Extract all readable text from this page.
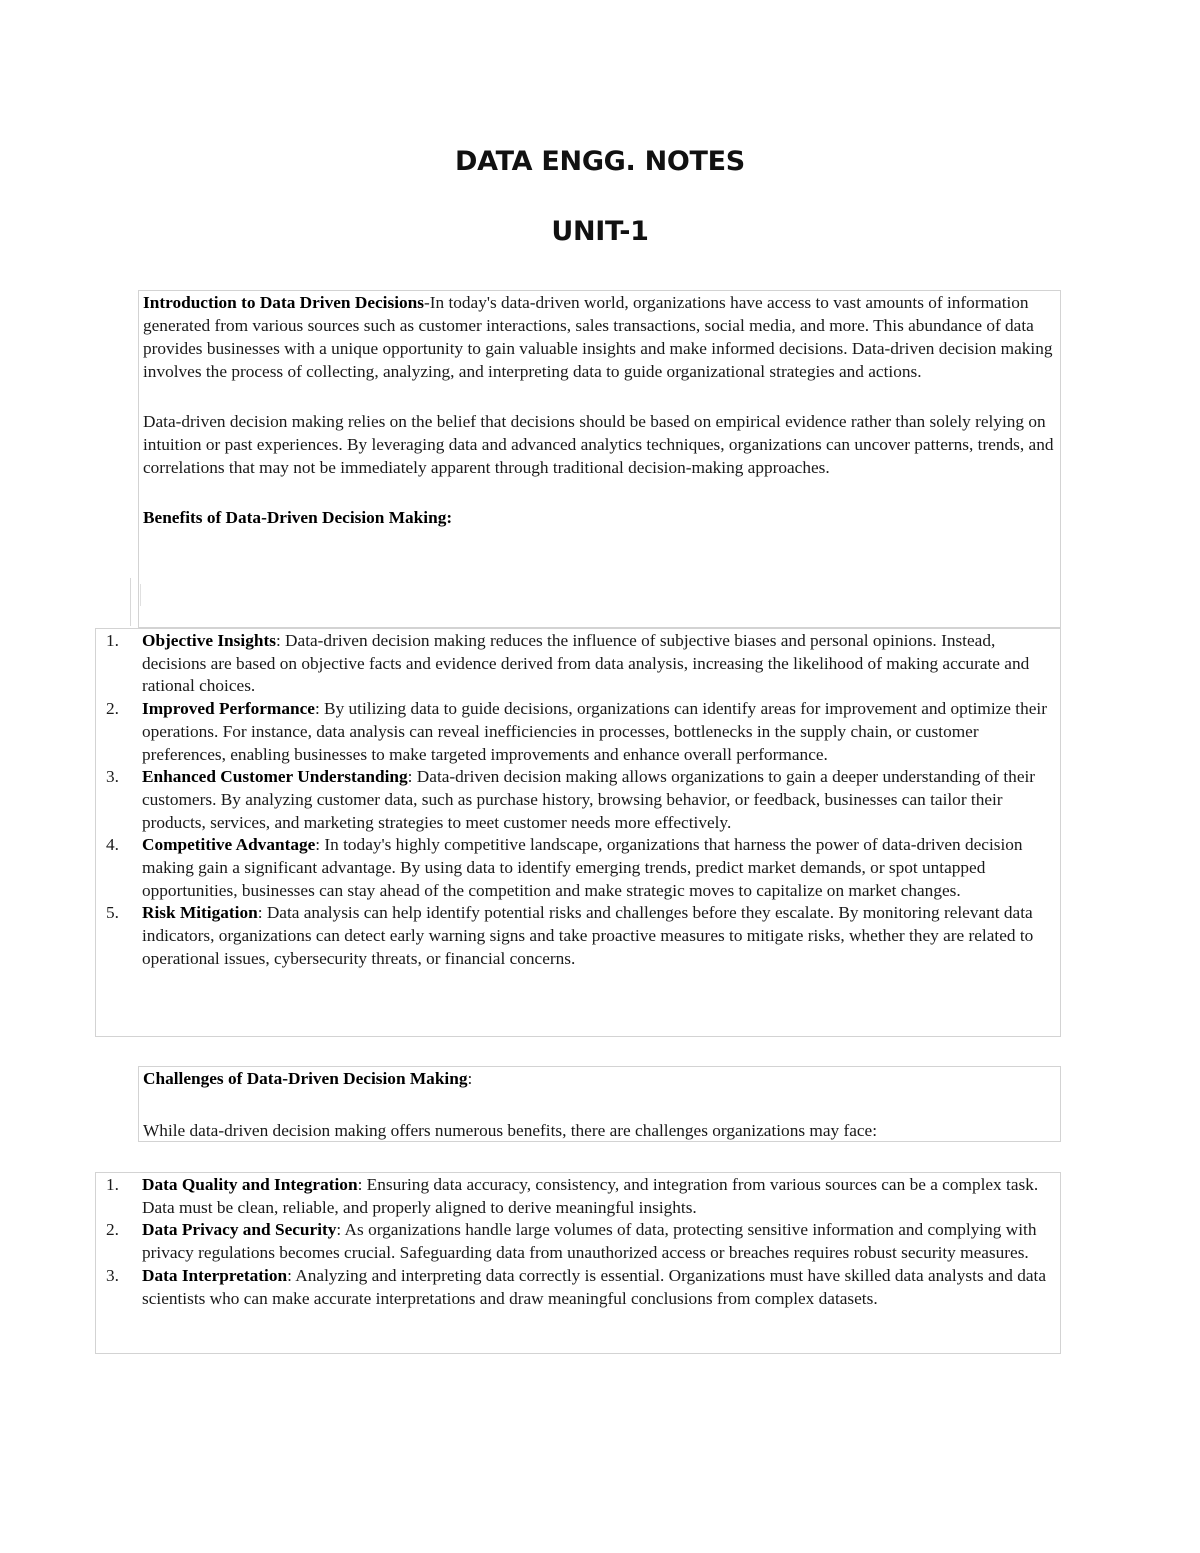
DATA ENGG. NOTES
UNIT-1

Introduction to Data Driven Decisions-In today's data-driven world, organizations have access to vast amounts of information generated from various sources such as customer interactions, sales transactions, social media, and more. This abundance of data provides businesses with a unique opportunity to gain valuable insights and make informed decisions. Data-driven decision making involves the process of collecting, analyzing, and interpreting data to guide organizational strategies and actions.

Data-driven decision making relies on the belief that decisions should be based on empirical evidence rather than solely relying on intuition or past experiences. By leveraging data and advanced analytics techniques, organizations can uncover patterns, trends, and correlations that may not be immediately apparent through traditional decision-making approaches.

Benefits of Data-Driven Decision Making:

1. Objective Insights: Data-driven decision making reduces the influence of subjective biases and personal opinions. Instead, decisions are based on objective facts and evidence derived from data analysis, increasing the likelihood of making accurate and rational choices.
2. Improved Performance: By utilizing data to guide decisions, organizations can identify areas for improvement and optimize their operations. For instance, data analysis can reveal inefficiencies in processes, bottlenecks in the supply chain, or customer preferences, enabling businesses to make targeted improvements and enhance overall performance.
3. Enhanced Customer Understanding: Data-driven decision making allows organizations to gain a deeper understanding of their customers. By analyzing customer data, such as purchase history, browsing behavior, or feedback, businesses can tailor their products, services, and marketing strategies to meet customer needs more effectively.
4. Competitive Advantage: In today's highly competitive landscape, organizations that harness the power of data-driven decision making gain a significant advantage. By using data to identify emerging trends, predict market demands, or spot untapped opportunities, businesses can stay ahead of the competition and make strategic moves to capitalize on market changes.
5. Risk Mitigation: Data analysis can help identify potential risks and challenges before they escalate. By monitoring relevant data indicators, organizations can detect early warning signs and take proactive measures to mitigate risks, whether they are related to operational issues, cybersecurity threats, or financial concerns.

Challenges of Data-Driven Decision Making:

While data-driven decision making offers numerous benefits, there are challenges organizations may face:

1. Data Quality and Integration: Ensuring data accuracy, consistency, and integration from various sources can be a complex task. Data must be clean, reliable, and properly aligned to derive meaningful insights.
2. Data Privacy and Security: As organizations handle large volumes of data, protecting sensitive information and complying with privacy regulations becomes crucial. Safeguarding data from unauthorized access or breaches requires robust security measures.
3. Data Interpretation: Analyzing and interpreting data correctly is essential. Organizations must have skilled data analysts and data scientists who can make accurate interpretations and draw meaningful conclusions from complex datasets.
